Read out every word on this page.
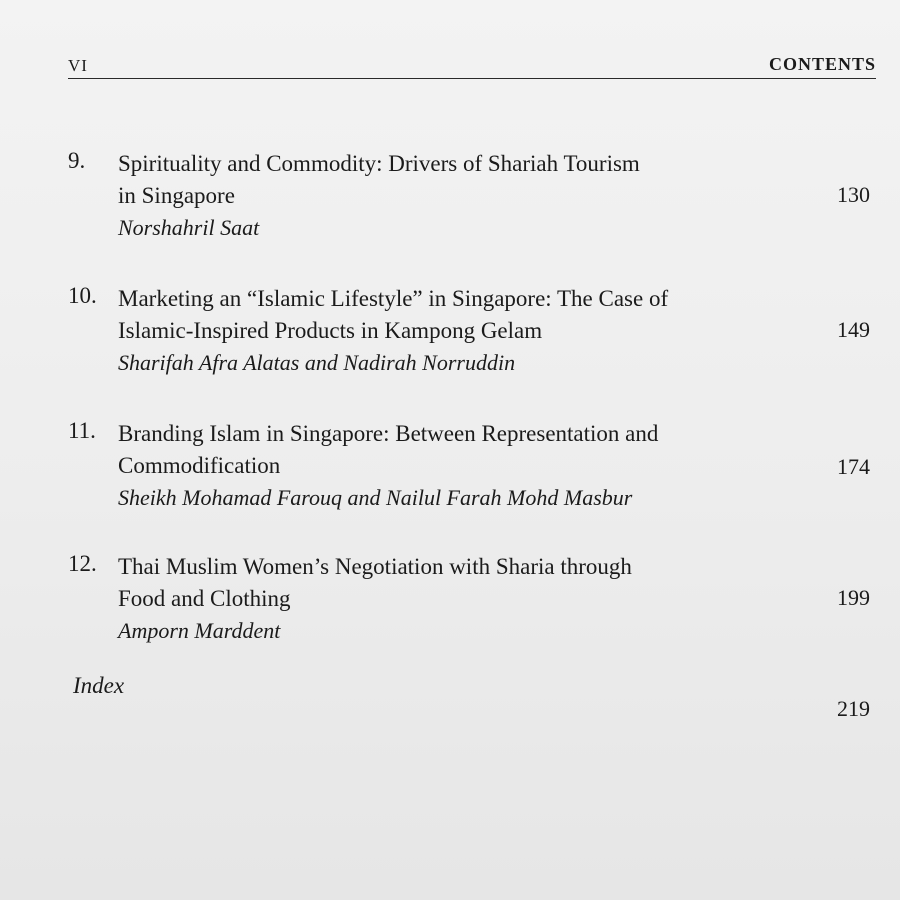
VI	CONTENTS
9. Spirituality and Commodity: Drivers of Shariah Tourism
in Singapore
Norshahril Saat
130
10. Marketing an “Islamic Lifestyle” in Singapore: The Case of
Islamic-Inspired Products in Kampong Gelam
Sharifah Afra Alatas and Nadirah Norruddin
149
11. Branding Islam in Singapore: Between Representation and
Commodification
Sheikh Mohamad Farouq and Nailul Farah Mohd Masbur
174
12. Thai Muslim Women’s Negotiation with Sharia through
Food and Clothing
Amporn Marddent
199
Index
219
